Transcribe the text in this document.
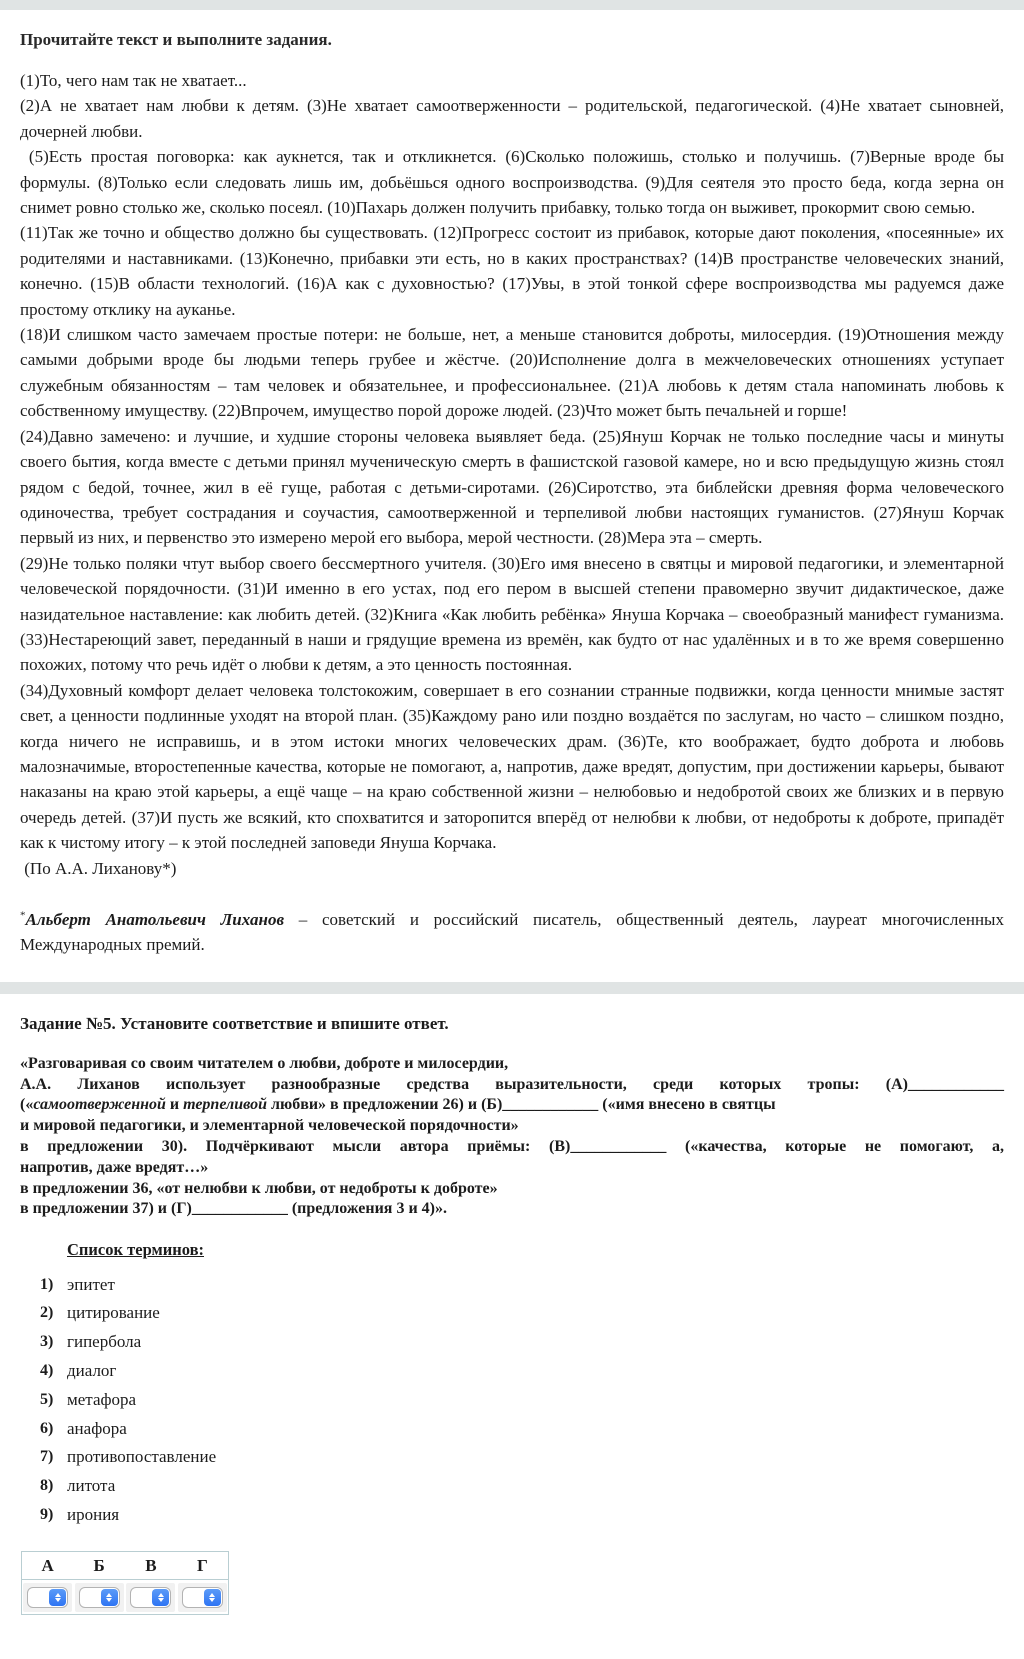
Прочитайте текст и выполните задания.

(1)То, чего нам так не хватает...

(2)А не хватает нам любви к детям. (3)Не хватает самоотверженности – родительской, педагогической. (4)Не хватает сыновней, дочерней любви.

(5)Есть простая поговорка: как аукнется, так и откликнется. (6)Сколько положишь, столько и получишь. (7)Верные вроде бы формулы. (8)Только если следовать лишь им, добьёшься одного воспроизводства. (9)Для сеятеля это просто беда, когда зерна он снимет ровно столько же, сколько посеял. (10)Пахарь должен получить прибавку, только тогда он выживет, прокормит свою семью.

(11)Так же точно и общество должно бы существовать. (12)Прогресс состоит из прибавок, которые дают поколения, «посеянные» их родителями и наставниками. (13)Конечно, прибавки эти есть, но в каких пространствах? (14)В пространстве человеческих знаний, конечно. (15)В области технологий. (16)А как с духовностью? (17)Увы, в этой тонкой сфере воспроизводства мы радуемся даже простому отклику на ауканье.

(18)И слишком часто замечаем простые потери: не больше, нет, а меньше становится доброты, милосердия. (19)Отношения между самыми добрыми вроде бы людьми теперь грубее и жёстче. (20)Исполнение долга в межчеловеческих отношениях уступает служебным обязанностям – там человек и обязательнее, и профессиональнее. (21)А любовь к детям стала напоминать любовь к собственному имуществу. (22)Впрочем, имущество порой дороже людей. (23)Что может быть печальней и горше!

(24)Давно замечено: и лучшие, и худшие стороны человека выявляет беда. (25)Януш Корчак не только последние часы и минуты своего бытия, когда вместе с детьми принял мученическую смерть в фашистской газовой камере, но и всю предыдущую жизнь стоял рядом с бедой, точнее, жил в её гуще, работая с детьми-сиротами. (26)Сиротство, эта библейски древняя форма человеческого одиночества, требует сострадания и соучастия, самоотверженной и терпеливой любви настоящих гуманистов. (27)Януш Корчак первый из них, и первенство это измерено мерой его выбора, мерой честности. (28)Мера эта – смерть.

(29)Не только поляки чтут выбор своего бессмертного учителя. (30)Его имя внесено в святцы и мировой педагогики, и элементарной человеческой порядочности. (31)И именно в его устах, под его пером в высшей степени правомерно звучит дидактическое, даже назидательное наставление: как любить детей. (32)Книга «Как любить ребёнка» Януша Корчака – своеобразный манифест гуманизма. (33)Нестареющий завет, переданный в наши и грядущие времена из времён, как будто от нас удалённых и в то же время совершенно похожих, потому что речь идёт о любви к детям, а это ценность постоянная.

(34)Духовный комфорт делает человека толстокожим, совершает в его сознании странные подвижки, когда ценности мнимые застят свет, а ценности подлинные уходят на второй план. (35)Каждому рано или поздно воздаётся по заслугам, но часто – слишком поздно, когда ничего не исправишь, и в этом истоки многих человеческих драм. (36)Те, кто воображает, будто доброта и любовь малозначимые, второстепенные качества, которые не помогают, а, напротив, даже вредят, допустим, при достижении карьеры, бывают наказаны на краю этой карьеры, а ещё чаще – на краю собственной жизни – нелюбовью и недобротой своих же близких и в первую очередь детей. (37)И пусть же всякий, кто спохватится и заторопится вперёд от нелюбви к любви, от недоброты к доброте, припадёт как к чистому итогу – к этой последней заповеди Януша Корчака.

(По А.А. Лиханову*)

*Альберт Анатольевич Лиханов – советский и российский писатель, общественный деятель, лауреат многочисленных Международных премий.

Задание №5. Установите соответствие и впишите ответ.
«Разговаривая со своим читателем о любви, доброте и милосердии,
А.А. Лиханов использует разнообразные средства выразительности, среди которых тропы: (А)____________
(«самоотверженной и терпеливой любви» в предложении 26) и (Б)____________ («имя внесено в святцы
и мировой педагогики, и элементарной человеческой порядочности»
в предложении 30). Подчёркивают мысли автора приёмы: (В)____________ («качества, которые не помогают, а,
напротив, даже вредят…»
в предложении 36, «от нелюбви к любви, от недоброты к доброте»
в предложении 37) и (Г)____________ (предложения 3 и 4)».
Список терминов:
1) эпитет
2) цитирование
3) гипербола
4) диалог
5) метафора
6) анафора
7) противопоставление
8) литота
9) ирония
А	Б	В	Г
